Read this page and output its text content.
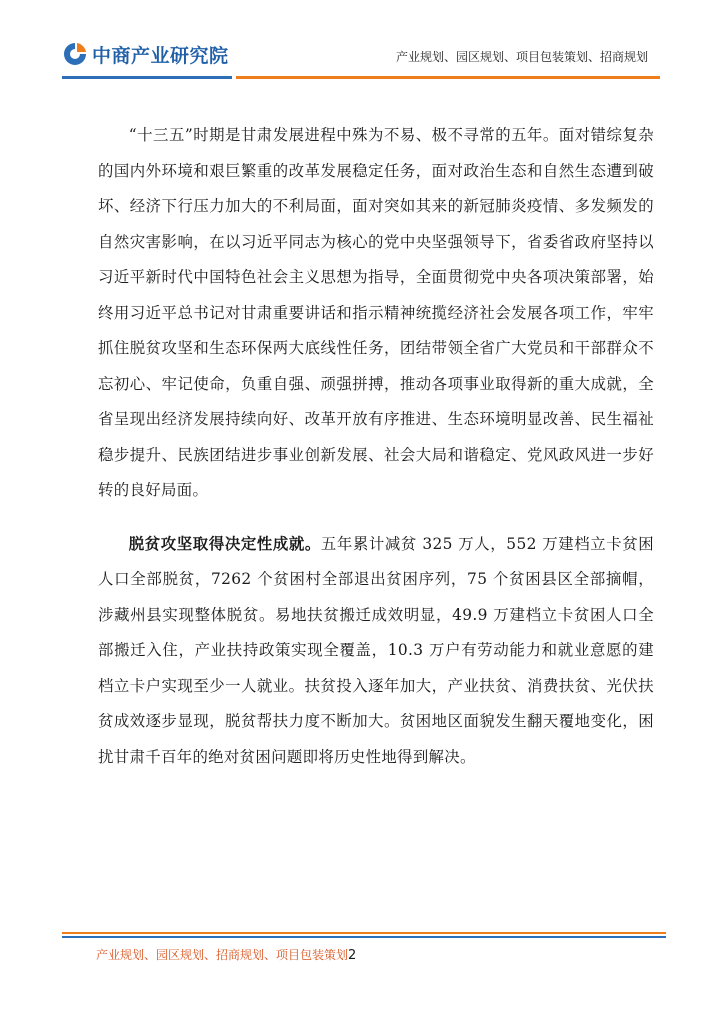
中商产业研究院	产业规划、园区规划、项目包装策划、招商规划

“十三五”时期是甘肃发展进程中殊为不易、极不寻常的五年。面对错综复杂的国内外环境和艰巨繁重的改革发展稳定任务，面对政治生态和自然生态遭到破坏、经济下行压力加大的不利局面，面对突如其来的新冠肺炎疫情、多发频发的自然灾害影响，在以习近平同志为核心的党中央坚强领导下，省委省政府坚持以习近平新时代中国特色社会主义思想为指导，全面贯彻党中央各项决策部署，始终用习近平总书记对甘肃重要讲话和指示精神统揽经济社会发展各项工作，牢牢抓住脱贫攻坚和生态环保两大底线性任务，团结带领全省广大党员和干部群众不忘初心、牢记使命，负重自强、顽强拼搏，推动各项事业取得新的重大成就，全省呈现出经济发展持续向好、改革开放有序推进、生态环境明显改善、民生福祉稳步提升、民族团结进步事业创新发展、社会大局和谐稳定、党风政风进一步好转的良好局面。

脱贫攻坚取得决定性成就。五年累计减贫 325 万人，552 万建档立卡贫困人口全部脱贫，7262 个贫困村全部退出贫困序列，75 个贫困县区全部摘帽，涉藏州县实现整体脱贫。易地扶贫搬迁成效明显，49.9 万建档立卡贫困人口全部搬迁入住，产业扶持政策实现全覆盖，10.3 万户有劳动能力和就业意愿的建档立卡户实现至少一人就业。扶贫投入逐年加大，产业扶贫、消费扶贫、光伏扶贫成效逐步显现，脱贫帮扶力度不断加大。贫困地区面貌发生翻天覆地变化，困扰甘肃千百年的绝对贫困问题即将历史性地得到解决。

产业规划、园区规划、招商规划、项目包装策划2
